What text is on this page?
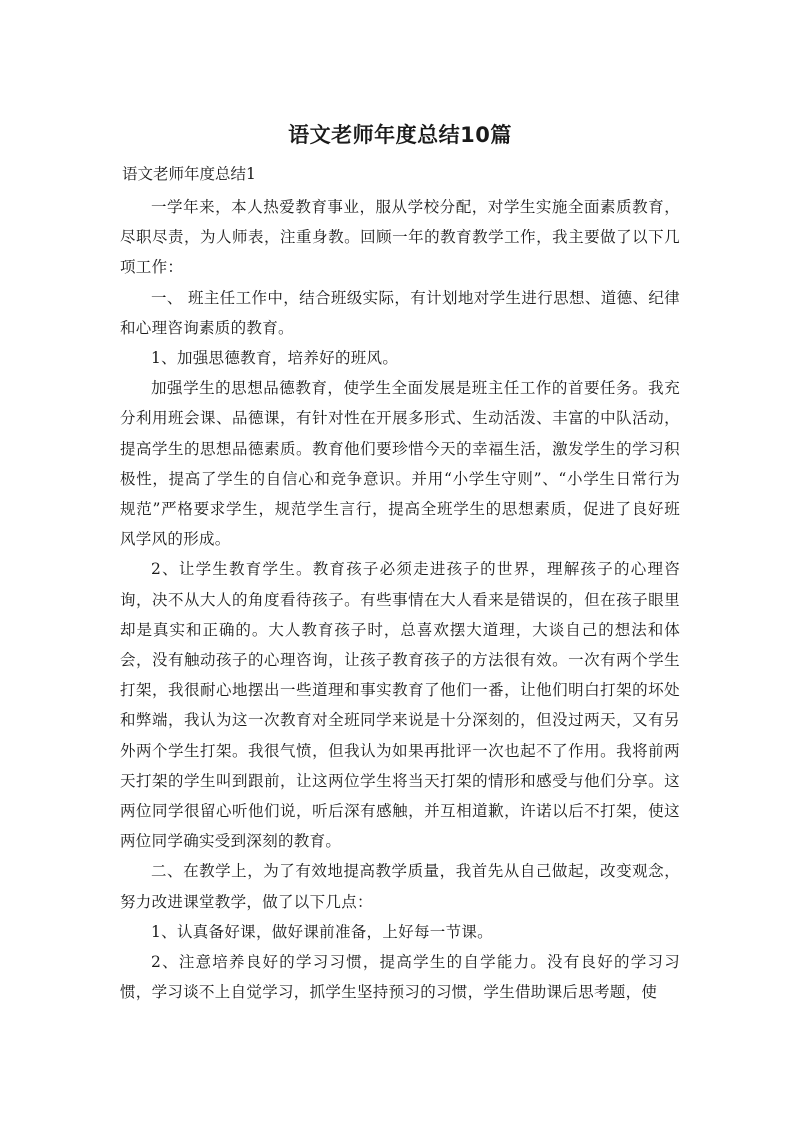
语文老师年度总结10篇
语文老师年度总结1

一学年来，本人热爱教育事业，服从学校分配，对学生实施全面素质教育，尽职尽责，为人师表，注重身教。回顾一年的教育教学工作，我主要做了以下几项工作：

一、 班主任工作中，结合班级实际，有计划地对学生进行思想、道德、纪律和心理咨询素质的教育。

1、加强思德教育，培养好的班风。

加强学生的思想品德教育，使学生全面发展是班主任工作的首要任务。我充分利用班会课、品德课，有针对性在开展多形式、生动活泼、丰富的中队活动，提高学生的思想品德素质。教育他们要珍惜今天的幸福生活，激发学生的学习积极性，提高了学生的自信心和竞争意识。并用“小学生守则”、“小学生日常行为规范”严格要求学生，规范学生言行，提高全班学生的思想素质，促进了良好班风学风的形成。

2、让学生教育学生。教育孩子必须走进孩子的世界，理解孩子的心理咨询，决不从大人的角度看待孩子。有些事情在大人看来是错误的，但在孩子眼里却是真实和正确的。大人教育孩子时，总喜欢摆大道理，大谈自己的想法和体会，没有触动孩子的心理咨询，让孩子教育孩子的方法很有效。一次有两个学生打架，我很耐心地摆出一些道理和事实教育了他们一番，让他们明白打架的坏处和弊端，我认为这一次教育对全班同学来说是十分深刻的，但没过两天，又有另外两个学生打架。我很气愤，但我认为如果再批评一次也起不了作用。我将前两天打架的学生叫到跟前，让这两位学生将当天打架的情形和感受与他们分享。这两位同学很留心听他们说，听后深有感触，并互相道歉，许诺以后不打架，使这两位同学确实受到深刻的教育。

二、在教学上，为了有效地提高教学质量，我首先从自己做起，改变观念，努力改进课堂教学，做了以下几点：

1、认真备好课，做好课前准备，上好每一节课。

2、注意培养良好的学习习惯，提高学生的自学能力。没有良好的学习习惯，学习谈不上自觉学习，抓学生坚持预习的习惯，学生借助课后思考题，使
